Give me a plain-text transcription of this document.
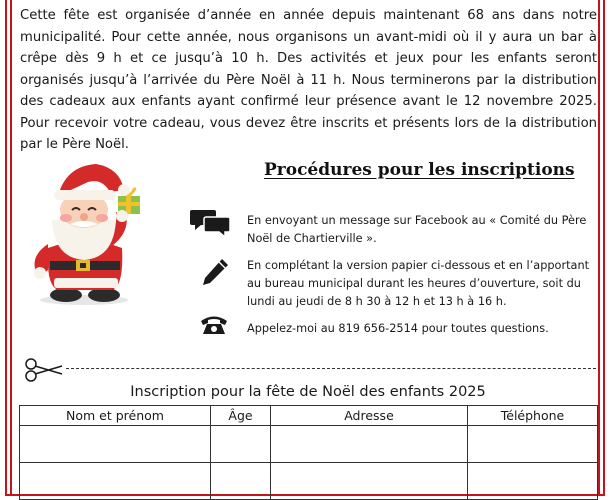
Cette fête est organisée d’année en année depuis maintenant 68 ans dans notre municipalité. Pour cette année, nous organisons un avant-midi où il y aura un bar à crêpe dès 9 h et ce jusqu’à 10 h. Des activités et jeux pour les enfants seront organisés jusqu’à l’arrivée du Père Noël à 11 h. Nous terminerons par la distribution des cadeaux aux enfants ayant confirmé leur présence avant le 12 novembre 2025. Pour recevoir votre cadeau, vous devez être inscrits et présents lors de la distribution par le Père Noël.

Procédures pour les inscriptions
En envoyant un message sur Facebook au « Comité du Père Noël de Chartierville ».
En complétant la version papier ci-dessous et en l’apportant au bureau municipal durant les heures d’ouverture, soit du lundi au jeudi de 8 h 30 à 12 h et 13 h à 16 h.
Appelez-moi au 819 656-2514 pour toutes questions.
Inscription pour la fête de Noël des enfants 2025
Nom et prénom	Âge	Adresse	Téléphone
